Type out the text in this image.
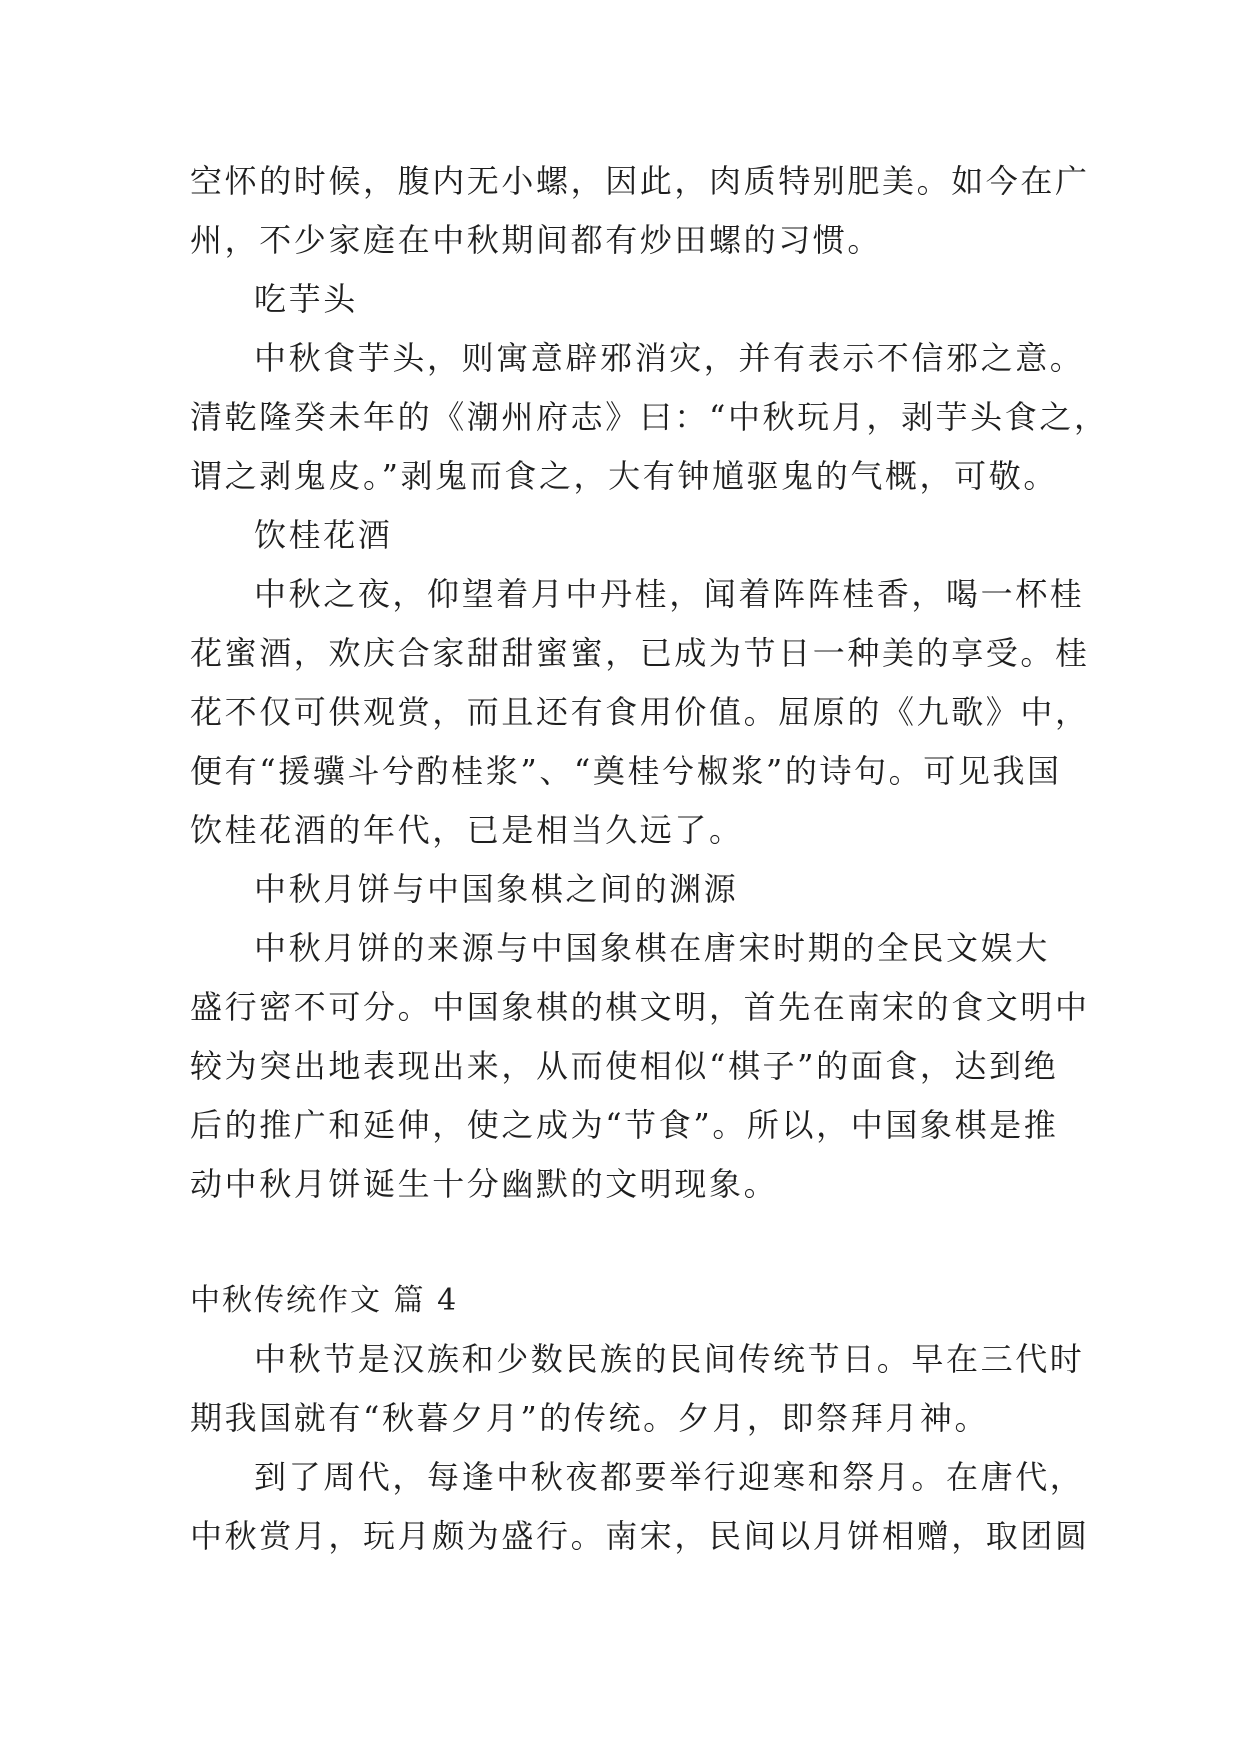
空怀的时候，腹内无小螺，因此，肉质特别肥美。如今在广
州，不少家庭在中秋期间都有炒田螺的习惯。
吃芋头
中秋食芋头，则寓意辟邪消灾，并有表示不信邪之意。
清乾隆癸未年的《潮州府志》曰：“中秋玩月，剥芋头食之，
谓之剥鬼皮。”剥鬼而食之，大有钟馗驱鬼的气概，可敬。
饮桂花酒
中秋之夜，仰望着月中丹桂，闻着阵阵桂香，喝一杯桂
花蜜酒，欢庆合家甜甜蜜蜜，已成为节日一种美的享受。桂
花不仅可供观赏，而且还有食用价值。屈原的《九歌》中，
便有“援骥斗兮酌桂浆”、“奠桂兮椒浆”的诗句。可见我国
饮桂花酒的年代，已是相当久远了。
中秋月饼与中国象棋之间的渊源
中秋月饼的来源与中国象棋在唐宋时期的全民文娱大
盛行密不可分。中国象棋的棋文明，首先在南宋的食文明中
较为突出地表现出来，从而使相似“棋子”的面食，达到绝
后的推广和延伸，使之成为“节食”。所以，中国象棋是推
动中秋月饼诞生十分幽默的文明现象。
中秋传统作文 篇 4
中秋节是汉族和少数民族的民间传统节日。早在三代时
期我国就有“秋暮夕月”的传统。夕月，即祭拜月神。
到了周代，每逢中秋夜都要举行迎寒和祭月。在唐代，
中秋赏月，玩月颇为盛行。南宋，民间以月饼相赠，取团圆
